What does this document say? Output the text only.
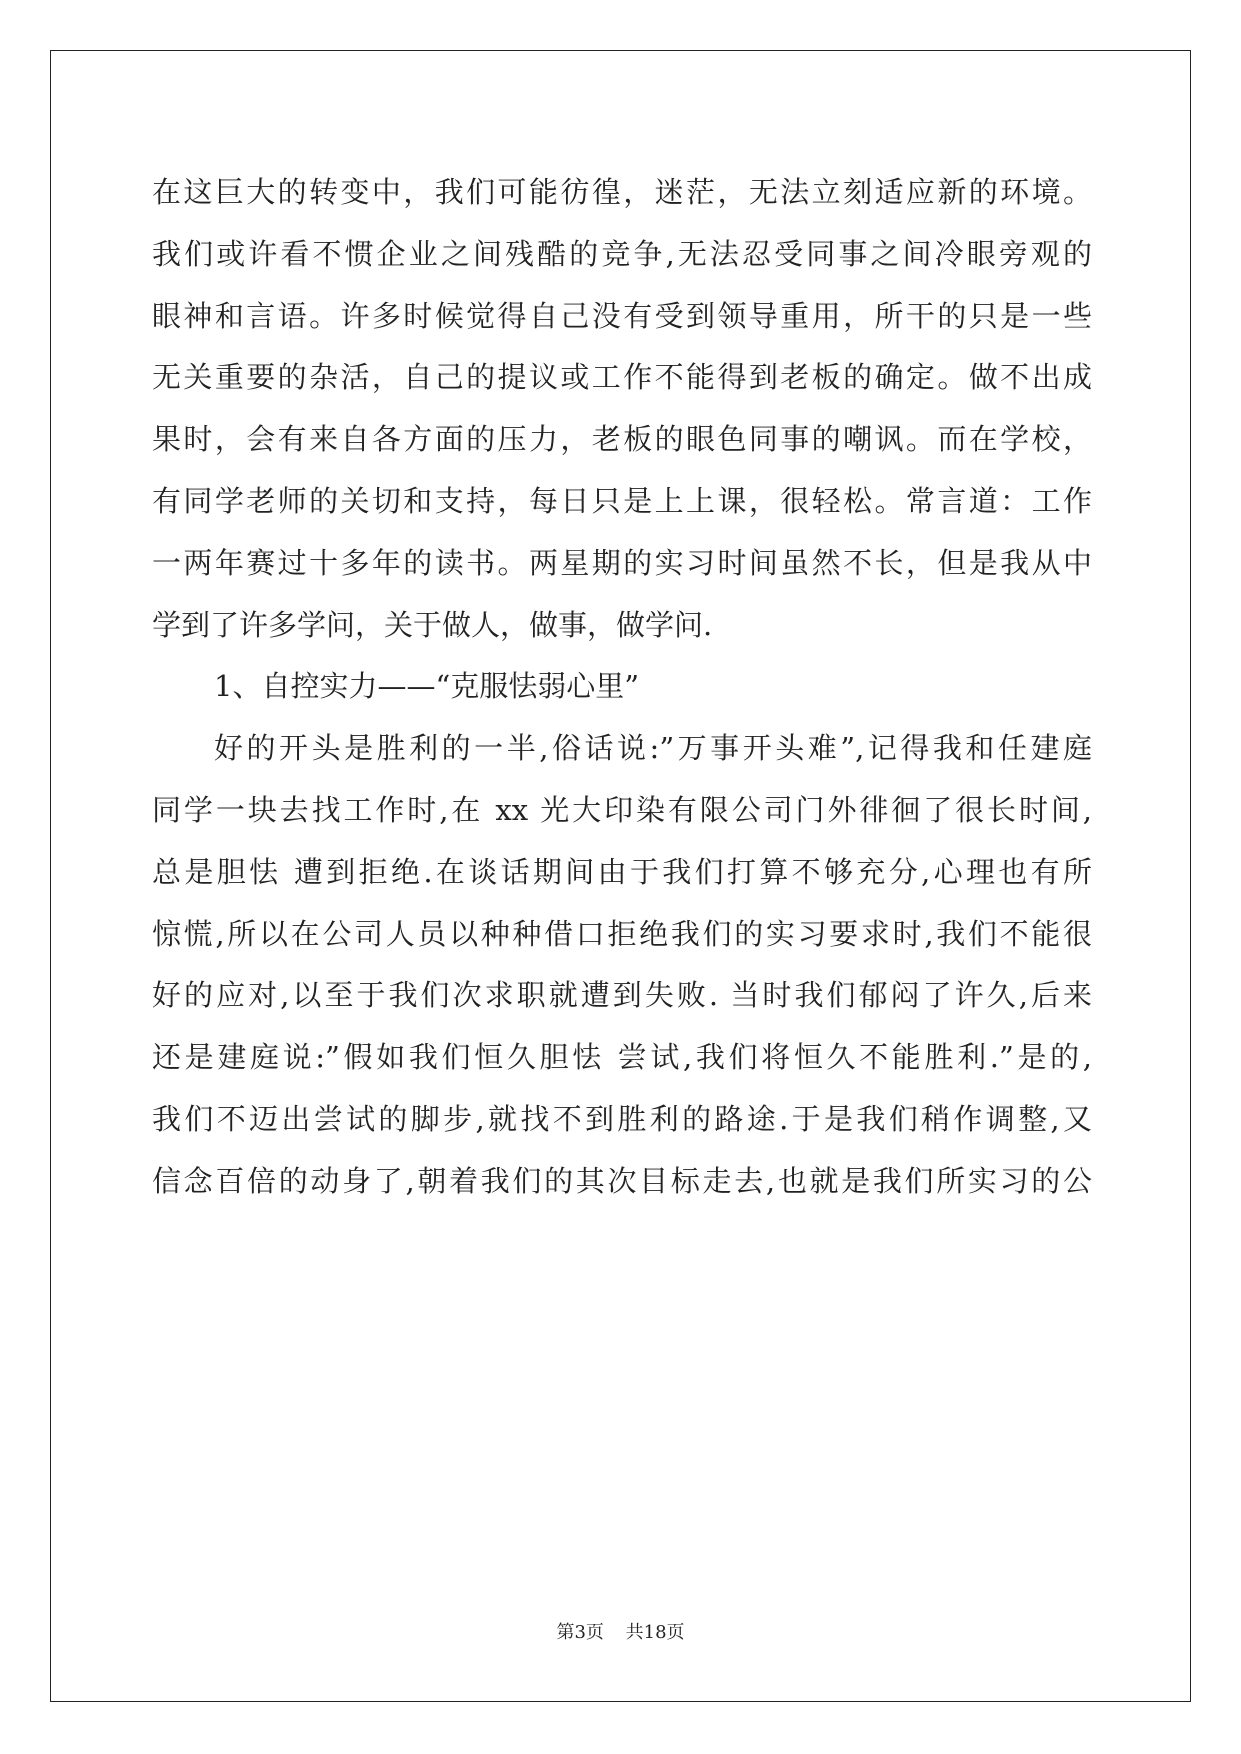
在这巨大的转变中，我们可能彷徨，迷茫，无法立刻适应新的环境。
我们或许看不惯企业之间残酷的竞争,无法忍受同事之间冷眼旁观的
眼神和言语。许多时候觉得自己没有受到领导重用，所干的只是一些
无关重要的杂活，自己的提议或工作不能得到老板的确定。做不出成
果时，会有来自各方面的压力，老板的眼色同事的嘲讽。而在学校，
有同学老师的关切和支持，每日只是上上课，很轻松。常言道：工作
一两年赛过十多年的读书。两星期的实习时间虽然不长，但是我从中
学到了许多学问，关于做人，做事，做学问.
1、自控实力——“克服怯弱心里”
好的开头是胜利的一半,俗话说:”万事开头难”,记得我和任建庭
同学一块去找工作时,在 xx 光大印染有限公司门外徘徊了很长时间,
总是胆怯 遭到拒绝.在谈话期间由于我们打算不够充分,心理也有所
惊慌,所以在公司人员以种种借口拒绝我们的实习要求时,我们不能很
好的应对,以至于我们次求职就遭到失败. 当时我们郁闷了许久,后来
还是建庭说:”假如我们恒久胆怯 尝试,我们将恒久不能胜利.”是的,
我们不迈出尝试的脚步,就找不到胜利的路途.于是我们稍作调整,又
信念百倍的动身了,朝着我们的其次目标走去,也就是我们所实习的公
第3页 共18页
